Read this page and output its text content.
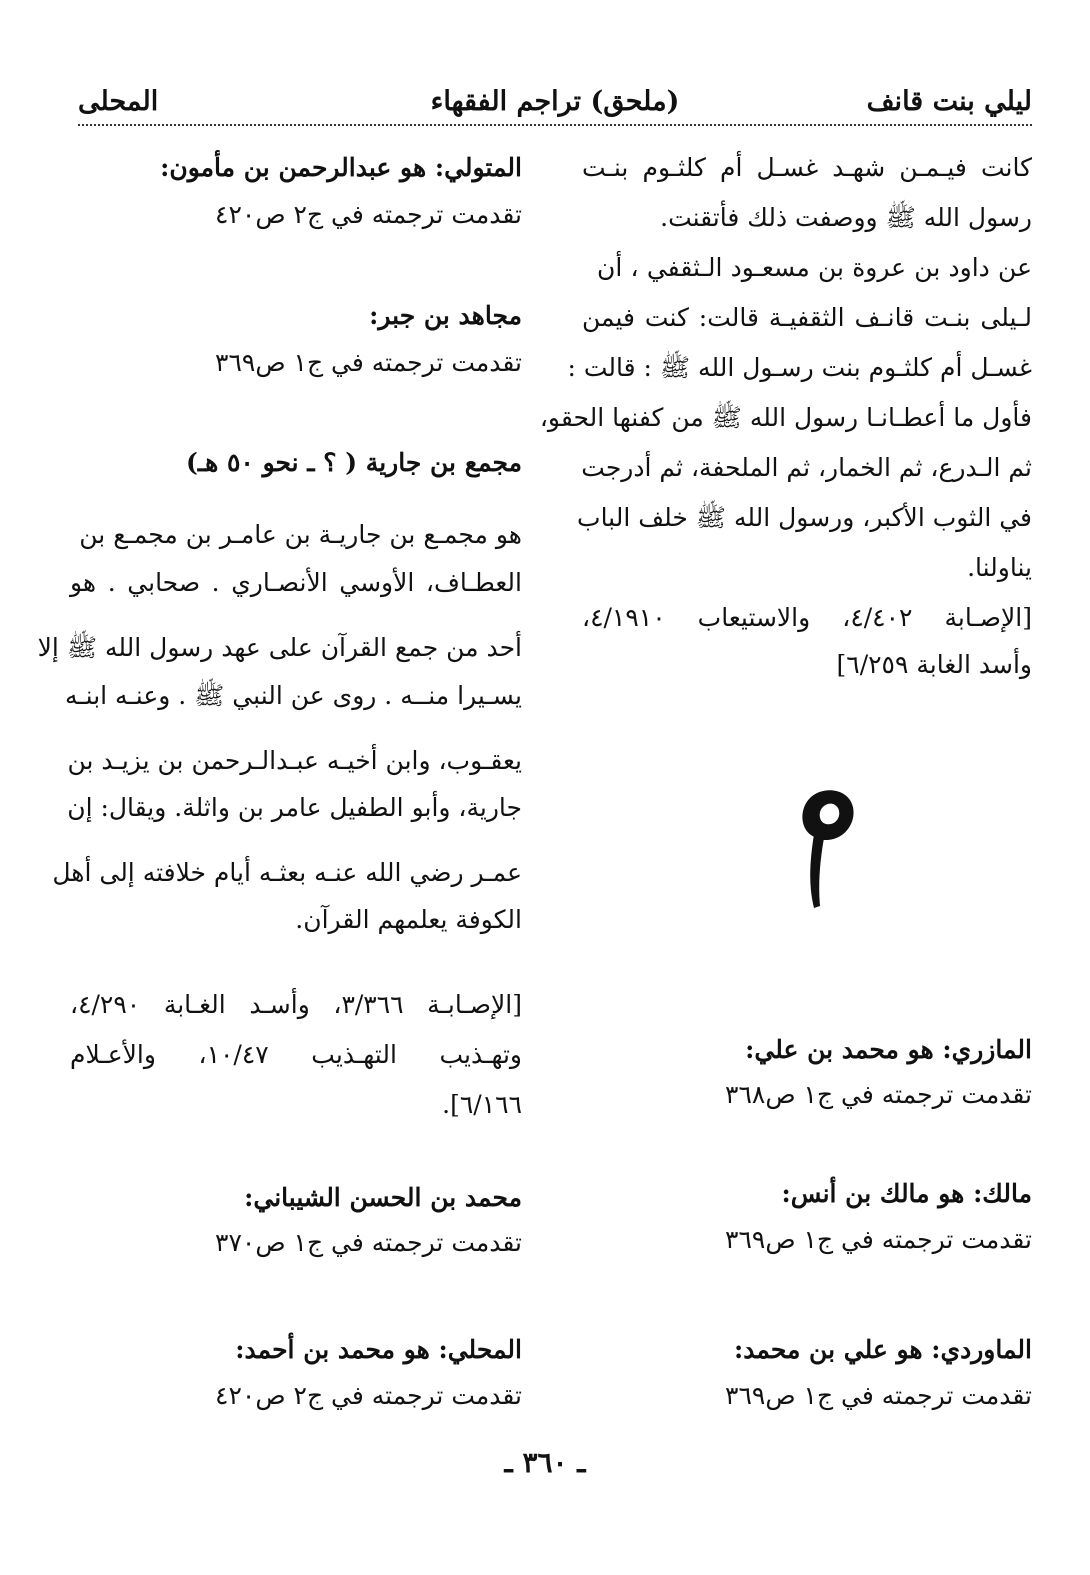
ليلي بنت قانف
(ملحق) تراجم الفقهاء
المحلى
كانت فيـمـن شهـد غسـل أم كلثـوم بنـت
رسول الله ﷺ ووصفت ذلك فأتقنت.
عن داود بن عروة بن مسعـود الـثقفي ، أن
لـيلى بنـت قانـف الثقفيـة قالت: كنت فيمن
غسـل أم كلثـوم بنت رسـول الله ﷺ : قالت :
فأول ما أعطـانـا رسول الله ﷺ من كفنها الحقو،
ثم الـدرع، ثم الخمار، ثم الملحفة، ثم أدرجت
في الثوب الأكبر، ورسول الله ﷺ خلف الباب
يناولنا.
[الإصـابة ٤/٤٠٢، والاستيعاب ٤/١٩١٠،
وأسد الغابة ٦/٢٥٩]
المازري: هو محمد بن علي:
تقدمت ترجمته في ج١ ص٣٦٨
مالك: هو مالك بن أنس:
تقدمت ترجمته في ج١ ص٣٦٩
الماوردي: هو علي بن محمد:
تقدمت ترجمته في ج١ ص٣٦٩
المتولي: هو عبدالرحمن بن مأمون:
تقدمت ترجمته في ج٢ ص٤٢٠
مجاهد بن جبر:
تقدمت ترجمته في ج١ ص٣٦٩
مجمع بن جارية ( ؟ ـ نحو ٥٠ هـ)
هو مجمـع بن جاريـة بن عامـر بن مجمـع بن
العطـاف، الأوسي الأنصـاري . صحابي . هو
أحد من جمع القرآن على عهد رسول الله ﷺ إلا
يسـيرا منــه . روى عن النبي ﷺ . وعنـه ابنـه
يعقـوب، وابن أخيـه عبـدالـرحمن بن يزيـد بن
جارية، وأبو الطفيل عامر بن واثلة. ويقال: إن
عمـر رضي الله عنـه بعثـه أيام خلافته إلى أهل
الكوفة يعلمهم القرآن.
[الإصـابـة ٣/٣٦٦، وأسـد الغـابة ٤/٢٩٠،
وتهـذيب التهـذيب ١٠/٤٧، والأعـلام
٦/١٦٦].
محمد بن الحسن الشيباني:
تقدمت ترجمته في ج١ ص٣٧٠
المحلي: هو محمد بن أحمد:
تقدمت ترجمته في ج٢ ص٤٢٠
ـ ٣٦٠ ـ
